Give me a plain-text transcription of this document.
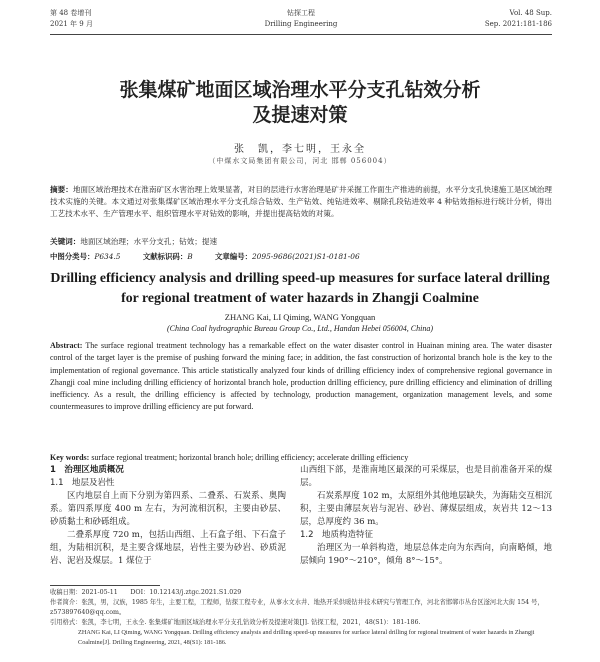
第 48 卷增刊
2021 年 9 月
钻探工程
Drilling Engineering
Vol. 48 Sup.
Sep. 2021:181-186
张集煤矿地面区域治理水平分支孔钻效分析
及提速对策
张　凯，李七明，王永全
（中煤水文局集团有限公司，河北 邯郸 056004）
摘要：地面区域治理技术在淮南矿区水害治理上效果显著，对目的层进行水害治理是矿井采掘工作面生产推进的前提，水平分支孔快速施工是区域治理技术实施的关键。本文通过对张集煤矿区域治理水平分支孔综合钻效、生产钻效、纯钻进效率、剔除孔段钻进效率 4 种钻效指标进行统计分析，得出工艺技术水平、生产管理水平、组织管理水平对钻效的影响，并提出提高钻效的对策。
关键词：地面区域治理；水平分支孔；钻效；提速
中图分类号：P634.5	文献标识码：B	文章编号：2095-9686(2021)S1-0181-06
Drilling efficiency analysis and drilling speed-up measures for surface lateral drilling for regional treatment of water hazards in Zhangji Coalmine
ZHANG Kai, LI Qiming, WANG Yongquan
(China Coal hydrographic Bureau Group Co., Ltd., Handan Hebei 056004, China)
Abstract: The surface regional treatment technology has a remarkable effect on the water disaster control in Huainan mining area. The water disaster control of the target layer is the premise of pushing forward the mining face; in addition, the fast construction of horizontal branch hole is the key to the implementation of regional governance. This article statistically analyzed four kinds of drilling efficiency index of comprehensive regional governance in Zhangji coal mine including drilling efficiency of horizontal branch hole, production drilling efficiency, pure drilling efficiency and elimination of drilling inefficiency. As a result, the drilling efficiency is affected by technology, production management, organization management levels, and some countermeasures to improve drilling efficiency are put forward.
Key words: surface regional treatment; horizontal branch hole; drilling efficiency; accelerate drilling efficiency

1　治理区地质概况

1.1　地层及岩性

区内地层自上而下分别为第四系、二叠系、石炭系、奥陶系。第四系厚度 400 m 左右，为河流相沉积，主要由砂层、砂质黏土和砂砾组成。

二叠系厚度 720 m，包括山西组、上石盒子组、下石盒子组，为陆相沉积，是主要含煤地层，岩性主要为砂岩、砂质泥岩、泥岩及煤层。1 煤位于

山西组下部，是淮南地区最深的可采煤层，也是目前准备开采的煤层。

石炭系厚度 102 m，太原组外其他地层缺失，为海陆交互相沉积，主要由薄层灰岩与泥岩、砂岩、薄煤层组成，灰岩共 12～13 层，总厚度约 36 m。

1.2　地质构造特征

治理区为一单斜构造，地层总体走向为东西向，向南略倾，地层倾向 190°～210°，倾角 8°～15°。

收稿日期：2021-05-11　　DOI：10.12143/j.ztgc.2021.S1.029

作者简介：张凯，男，汉族，1985 年生，主要工程，工程师，钻探工程专业，从事水文水井、地热开采供暖钻井技术研究与管理工作，河北省邯郸市丛台区滏河北大街 154 号，z573897640@qq.com。

引用格式：张凯，李七明，王永全. 张集煤矿地面区域治理水平分支孔钻效分析及提速对策[J]. 钻探工程，2021，48(S1)：181-186.

ZHANG Kai, LI Qiming, WANG Yongquan. Drilling efficiency analysis and drilling speed-up measures for surface lateral drilling for regional treatment of water hazards in Zhangji Coalmine[J]. Drilling Engineering, 2021, 48(S1): 181-186.
